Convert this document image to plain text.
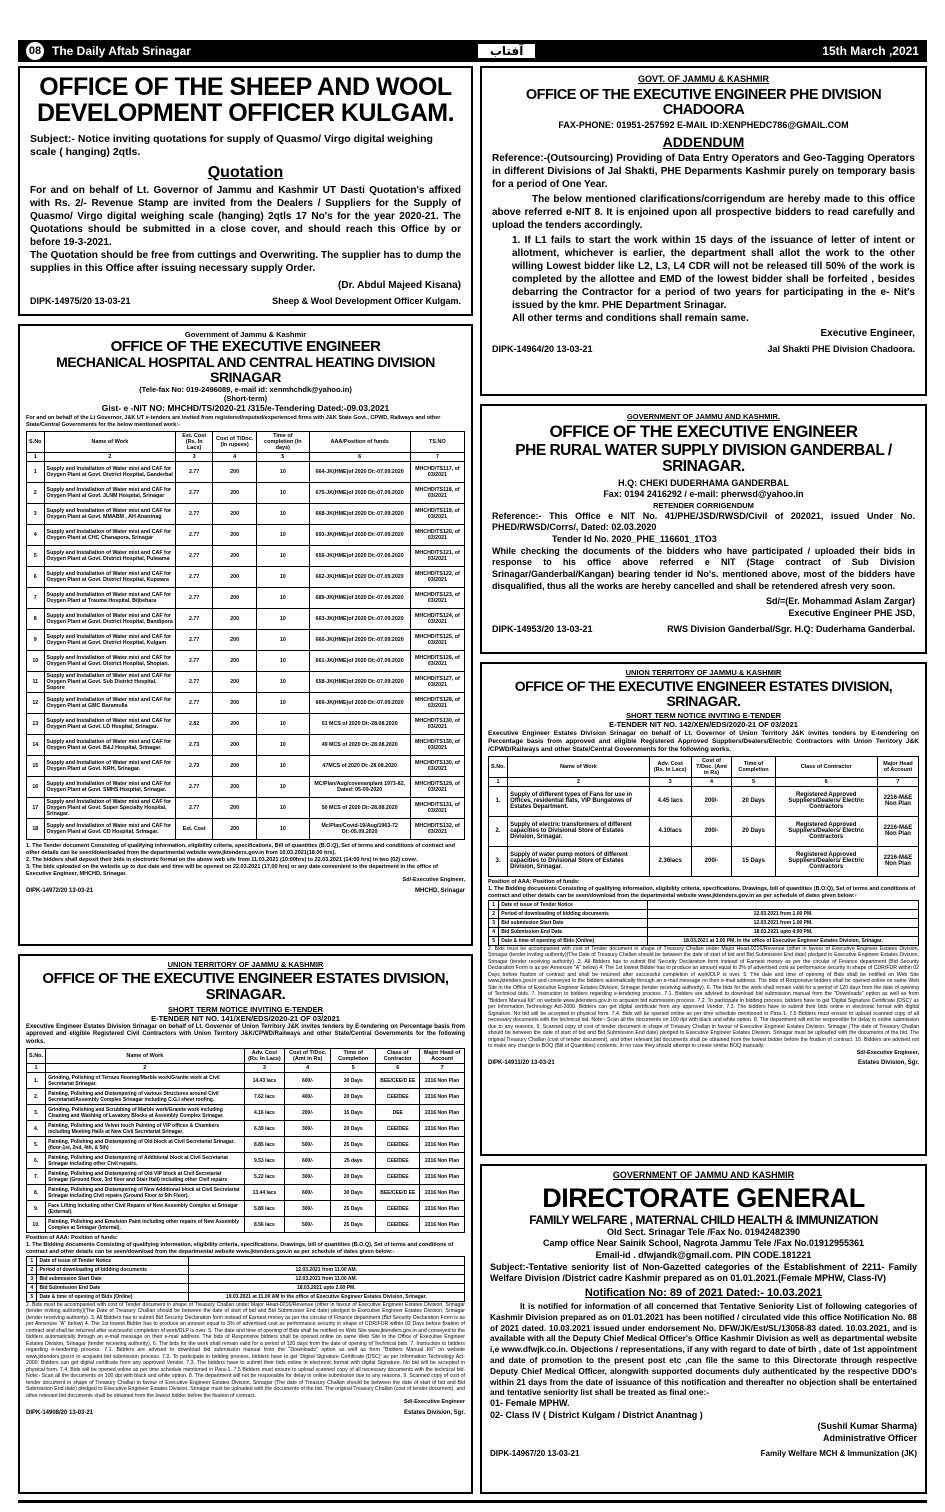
08 The Daily Aftab Srinagar	آفتاب	15th March ,2021
OFFICE OF THE SHEEP AND WOOL
DEVELOPMENT OFFICER KULGAM.
Subject:- Notice inviting quotations for supply of Quasmo/ Virgo digital weighing scale ( hanging) 2qtls.
Quotation
For and on behalf of Lt. Governor of Jammu and Kashmir UT Dasti Quotation's affixed with Rs. 2/- Revenue Stamp are invited from the Dealers / Suppliers for the Supply of Quasmo/ Virgo digital weighing scale (hanging) 2qtls 17 No's for the year 2020-21. The Quotations should be submitted in a close cover, and should reach this Office by or before 19-3-2021.
The Quotation should be free from cuttings and Overwriting. The supplier has to dump the supplies in this Office after issuing necessary supply Order.
(Dr. Abdul Majeed Kisana)
DIPK-14975/20 13-03-21	Sheep & Wool Development Officer Kulgam.
GOVT. OF JAMMU & KASHMIR
OFFICE OF THE EXECUTIVE ENGINEER PHE DIVISION CHADOORA
FAX-PHONE: 01951-257592 E-MAIL ID:XENPHEDC786@GMAIL.COM
ADDENDUM
Reference:-(Outsourcing) Providing of Data Entry Operators and Geo-Tagging Operators in different Divisions of Jal Shakti, PHE Deparments Kashmir purely on temporary basis for a period of One Year.
The below mentioned clarifications/corrigendum are hereby made to this office above referred e-NIT 8. It is enjoined upon all prospective bidders to read carefully and upload the tenders accordingly.
1. If L1 fails to start the work within 15 days of the issuance of letter of intent or allotment, whichever is earlier, the department shall allot the work to the other willing Lowest bidder like L2, L3, L4 CDR will not be released till 50% of the work is completed by the allottee and EMD of the lowest bidder shall be forfeited , besides debarring the Contractor for a period of two years for participating in the e- Nit's issued by the kmr. PHE Department Srinagar.
All other terms and conditions shall remain same.
Executive Engineer,
DIPK-14964/20 13-03-21	Jal Shakti PHE Division Chadoora.
Government of Jammu & Kashmir
OFFICE OF THE EXECUTIVE ENGINEER
MECHANICAL HOSPITAL AND CENTRAL HEATING DIVISION SRINAGAR
(Tele-fax No: 019-2496089, e-mail id: xenmhchdk@yahoo.in)
(Short-term)
Gist- e -NIT NO: MHCHD/TS/2020-21 /315/e-Tendering Dated:-09.03.2021
For and on behalf of the Lt Governor, J&K UT e-tenders are invited from registered/reputed/experienced firms with J&K State Govt., CPWD, Railways and other State/Central Governments for the below mentioned work:-
S.No	Name of Work	Est. Cost (Rs. In Lacs)	Cost of T/Doc. (In rupees)	Time of completion (In days)	AAA/Position of funds	TS.NO
1	2	3	4	5	6	7
1	Supply and Installation of Water mist and CAF for Oxygen Plant at Govt. District Hospital, Ganderbal	2.77	200	10	664-JK(HME)of 2020 Dt:-07.09.2020	MHCHD/TS117, of 03/2021
2	Supply and Installation of Water mist and CAF for Oxygen Plant at Govt. JLNM Hospital, Srinagar	2.77	200	10	675-JK(HME)of 2020 Dt:-07.09.2020	MHCHD/TS118, of 03/2021
3	Supply and Installation of Water mist and CAF for Oxygen Plant at Govt. MMABM , AH Anantnag	2.77	200	10	668-JK(HME)of 2020 Dt:-07.09.2020	MHCHD/TS119, of 03/2021
4	Supply and Installation of Water mist and CAF for Oxygen Plant at CHC Chanapora, Srinagar	2.77	200	10	693-JK(HME)of 2020 Dt:-07.09.2020	MHCHD/TS120, of 03/2021
5	Supply and Installation of Water mist and CAF for Oxygen Plant at Govt. District Hospital, Pulwama	2.77	200	10	659-JK(HME)of 2020 Dt:-07.09.2020	MHCHD/TS121, of 03/2021
6	Supply and Installation of Water mist and CAF for Oxygen Plant at Govt. District Hospital, Kupwara	2.77	200	10	662-JK(HME)of 2020 Dt:-07.09.2020	MHCHD/TS122, of 03/2021
7	Supply and Installation of Water mist and CAF for Oxygen Plant at Trauma Hospital, Bijbehara	2.77	200	10	689-JK(HME)of 2020 Dt:-07.09.2020	MHCHD/TS123, of 03/2021
8	Supply and Installation of Water mist and CAF for Oxygen Plant at Govt. District Hospital, Bandipora	2.77	200	10	663-JK(HME)of 2020 Dt:-07.09.2020	MHCHD/TS124, of 03/2021
9	Supply and Installation of Water mist and CAF for Oxygen Plant at Govt. District Hospital, Kulgam	2.77	200	10	660-JK(HME)of 2020 Dt:-07.09.2020	MHCHD/TS125, of 03/2021
10	Supply and Installation of Water mist and CAF for Oxygen Plant at Govt. District Hospital, Shopian.	2.77	200	10	661-JK(HME)of 2020 Dt:-07.09.2020	MHCHD/TS126, of 03/2021
11	Supply and Installation of Water mist and CAF for Oxygen Plant at Govt. Sub District Hospital, Sopore	2.77	200	10	658-JK(HME)of 2020 Dt:-07.09.2020	MHCHD/TS127, of 03/2021
12	Supply and Installation of Water mist and CAF for Oxygen Plant at GMC Baramulla	2.77	200	10	669-JK(HME)of 2020 Dt:-07.09.2020	MHCHD/TS128, of 03/2021
13	Supply and Installation of Water mist and CAF for Oxygen Plant at Govt. LD Hospital, Srinagar.	2.82	200	10	51 MCS of 2020 Dt:-28.08.2020	MHCHD/TS130, of 03/2021
14	Supply and Installation of Water mist and CAF for Oxygen Plant at Govt. B&J Hospital, Srinagar.	2.73	200	10	49 MCS of 2020 Dt:-28.08.2020	MHCHD/TS130, of 03/2021
15	Supply and Installation of Water mist and CAF for Oxygen Plant at Govt. KRH, Srinagar.	2.73	200	10	47MCS of 2020 Dt:-28.08.2020	MHCHD/TS130, of 03/2021
16	Supply and Installation of Water mist and CAF for Oxygen Plant at Govt. SMHS Hospital, Srinagar.	2.77	200	10	MC/Plan/Aug/covenanplant 1973-82, Dated: 05-09-2020	MHCHD/TS129, of 03/2021
17	Supply and Installation of Water mist and CAF for Oxygen Plant at Govt. Super Specialty Hospital, Srinagar.	2.77	200	10	50 MCS of 2020 Dt:-28.08.2020	MHCHD/TS131, of 03/2021
18	Supply and Installation of Water mist and CAF for Oxygen Plant at Govt. CD Hospital, Srinagar.	Est. Cost	200	10	Mc/Plan/Covid-19/Aug/1963-72 Dt:-05.09.2020	MHCHD/TS132, of 03/2021
1. The Tender document Consisting of qualifying information, eligibility criteria, specifications, Bill of quantities (B.O.Q), Set of terms and conditions of contract and other details can be seen/downloaded from the departmental website www.jktenders.gov.in from 10.03.2021(18.00 hrs).
2. The bidders shall deposit their bids in electronic format on the above web site from 11.03.2021 (10:00hrs) to 22.03.2021 (14:00 hrs) in two (02) cover.
3. The bids uploaded on the website up to due date and time will be opened on 22.03.2021 (17.00 hrs) or any date convenient to the department in the office of Executive Engineer, MHCHD, Srinagar.
Sd/-Executive Engineer,
DIPK-14972/20 13-03-21	MHCHD, Srinagar
GOVERNMENT OF JAMMU AND KASHMIR.
OFFICE OF THE EXECUTIVE ENGINEER
PHE RURAL WATER SUPPLY DIVISION GANDERBAL / SRINAGAR.
H.Q: CHEKI DUDERHAMA GANDERBAL
Fax: 0194 2416292 / e-mail: pherwsd@yahoo.in
RETENDER CORRIGENDUM
Reference:- This Office e NIT No. 41/PHE/JSD/RWSD/Civil of 202021, issued Under No. PHED/RWSD/Corrs/, Dated: 02.03.2020
Tender Id No. 2020_PHE_116601_1TO3
While checking the documents of the bidders who have participated / uploaded their bids in response to his office above referred e NIT (Stage contract of Sub Division Srinagar/Ganderbal/Kangan) bearing tender id No's. mentioned above, most of the bidders have disqualified, thus all the works are hereby cancelled and shall be retendered afresh very soon.
Sd/=(Er. Mohammad Aslam Zargar)
Executive Engineer PHE JSD,
DIPK-14953/20 13-03-21	RWS Division Ganderbal/Sgr. H.Q: Duderhama Ganderbal.
UNION TERRITORY OF JAMMU & KASHMIR
OFFICE OF THE EXECUTIVE ENGINEER ESTATES DIVISION, SRINAGAR.
SHORT TERM NOTICE INVITING E-TENDER
E-TENDER NIT NO. 142/XEN/EDS/2020-21 OF 03/2021
Executive Engineer Estates Division Srinagar on behalf of Lt. Governor of Union Territory J&K invites tenders by E-tendering on Percentage basis from approved and eligible Registered Approved Suppliers/Dealers/Electric Contractors with Union Territory J&K /CPWD/Railways and other State/Central Governments for the following works.
S.No.	Name of Work	Adv. Cost (Rs. In Lacs)	Cost of T/Doc. (Amt in Rs)	Time of Completion	Class of Contractor	Major Head of Account
1	2	3	4	5	6	7
1.	Supply of different types of Fans for use in Offices, residential flats, VIP Bungalows of Estates Department.	4.45 lacs	200/-	20 Days	Registered Approved Suppliers/Dealers/ Electric Contractors	2216-M&E Non Plan
2.	Supply of electric transformers of different capacities to Divisional Store of Estates Division, Srinagar.	4.10lacs	200/-	20 Days	Registered Approved Suppliers/Dealers/ Electric Contractors	2216-M&E Non Plan
3.	Supply of water pump motors of different capacities to Divisional Store of Estates Division, Srinagar.	2.36lacs	200/-	15 Days	Registered Approved Suppliers/Dealers/ Electric Contractors	2216-M&E Non Plan
Position of AAA: Position of funds:
1. The Bidding documents Consisting of qualifying information, eligibility criteria, specifications, Drawings, bill of quantities (B.O.Q), Set of terms and conditions of contract and other details can be seen/download from the departmental website www.jktenders.gov.in as per schedule of dates given below:-
1	Date of issue of Tender Notice	
2	Period of downloading of bidding documents	12.03.2021 from 1.00 PM.
3	Bid submission Start Date	12.03.2021 from 1.00 PM.
4	Bid Submission End Date	18.03.2021 upto 4.00 PM.
5	Date & time of opening of Bids (Online)	18.03.2021 at 3.05 PM. In the office of Executive Engineer Estates Division, Srinagar.
2. Bids must be accompanied with cost of Tender document in shape of Treasury Challan under Major Head-0216/Revenue (other in favour of Executive Engineer Estates Division, Srinagar (tender inviting authority)(The Date of Treasury Challan should be between the date of start of bid and Bid Submission End date) pledged to Executive Engineer Estates Division, Srinagar (tender receiving authority). 3. All Bidders has to submit Bid Security Declaration form instead of Earnest money as per the circular of Finance department (Bid Security Declaration Form is as per Annexure "A" below) 4. The 1st lowest Bidder has to produce an amount equal to 3% of advertised cost as performance security in shape of CDR/FDR within 02 Days before fixation of contract and shall be returned after successful completion of work/DLP is over. 5. The date and time of opening of Bids shall be notified on Web Site www.jktenders.gov.in and conveyed to the bidders automatically through an e-mail message on their e-mail address. The bids of Responsive bidders shall be opened online on same Web Site in the Office of Executive Engineer Estates Division, Srinagar (tender receiving authority). 6. The bids for the work shall remain valid for a period of 120 days from the date of opening of Technical bids. 7. Instruction to bidders regarding e-tendering process. 7.1. Bidders are advised to download bid submission manual from the "Downloads" option as well as from "Bidders Manual Kit" on website www.jktenders.gov.in to acquaint bid submission process. 7.2. To participate in bidding process, bidders have to get 'Digital Signature Certificate (DSC)' as per Information Technology Act-2000. Bidders can get digital certificate from any approved Vendor. 7.3. The bidders have to submit their bids online in electronic format with digital Signature. No bid will be accepted in physical form. 7.4. Bids will be opened online as per time schedule mentioned in Para-1. 7.5 Bidders must ensure to upload scanned copy of all necessary documents with the technical bid. Note:- Scan all the documents on 100 dpi with black and white option. 8. The department will not be responsible for delay in online submission due to any reasons. 9. Scanned copy of cost of tender document in shape of Treasury Challan in favour of Executive Engineer Estates Division, Srinagar (The date of Treasury Challan should be between the date of start of bid and Bid Submission End date) pledged to Executive Engineer Estates Division, Srinagar must be uploaded with the documents of the bid. The original Treasury Challan (cost of tender document), and other relevant bid documents shall be obtained from the lowest bidder before the fixation of contract. 10. Bidders are advised not to make any change in BOQ (Bill of Quantities) contents. In no case they should attempt to create similar BOQ manually.
Sd/-Executive Engineer,
DIPK-14911/20 13-03-21	Estates Division, Sgr.
UNION TERRITORY OF JAMMU & KASHMIR
OFFICE OF THE EXECUTIVE ENGINEER ESTATES DIVISION, SRINAGAR.
SHORT TERM NOTICE INVITING E-TENDER
E-TENDER NIT NO. 141/XEN/EDS/2020-21 OF 03/2021
Executive Engineer Estates Division Srinagar on behalf of Lt. Governor of Union Territory J&K invites tenders by E-tendering on Percentage basis from approved and eligible Registered Civil Contractors with Union Territory J&K/CPWD/Railways and other State/Central Governments for the following works.
S.No.	Name of Work	Adv. Cost (Rs. In Lacs)	Cost of T/Doc. (Amt in Rs)	Time of Completion	Class of Contractor	Major Head of Account
1	2	3	4	5	6	7
1.	Grinding, Polishing of Terrazo flooring/Marble work/Granite work at Civil Secretariat Srinagar.	14.43 lacs	600/-	30 Days	BEE/CEE/D EE	2216 Non Plan
2.	Painting, Polishing and Distempering of various Structures around Civil Secretariat/Assembly Complex Srinagar including C.G.I sheet roofing.	7.62 lacs	400/-	20 Days	CEE/DEE	2216 Non Plan
3.	Grinding, Polishing and Scrubbing of Marble work/Granite work including Cleaning and Washing of Lavatory Blocks at Assembly Complex Srinagar.	4.16 lacs	200/-	15 Days	DEE	2216 Non Plan
4.	Painting, Polishing and Velvet touch Painting of VIP offices & Chambers including Meeting Halls at New Civil Secretariat Srinagar.	6.39 lacs	300/-	20 Days	CEE/DEE	2216 Non Plan
5.	Painting, Polishing and Distempering of Old block at Civil Secretariat Srinagar. (floor-1st, 2nd, 4th, & 5th)	8.85 lacs	500/-	25 Days	CEE/DEE	2216 Non Plan
6.	Painting, Polishing and Distempering of Additional block at Civil Secretariat Srinagar including other Civil repairs.	9.53 lacs	600/-	25 days	CEE/DEE	2216 Non Plan
7.	Painting, Polishing and Distempering of Old VIP block at Civil Secretariat Srinagar (Ground floor, 3rd floor and Stair Hall) including other Civil repairs	5.22 lacs	300/-	20 Days	CEE/DEE	2216 Non Plan
8.	Painting, Polishing and Distempering of New Additional block at Civil Secretariat Srinagar including Civil repairs (Ground Floor to 6th Floor).	13.44 lacs	600/-	30 Days	BEE/CEE/D EE	2216 Non Plan
9.	Face Lifting including other Civil Repairs of New Assembly Complex at Srinagar (External).	5.89 lacs	300/-	25 Days	CEE/DEE	2216 Non Plan
10.	Painting, Polishing and Emulsion Paint including other repairs of New Assembly Complex at Srinagar (Internal).	8.56 lacs	500/-	25 Days	CEE/DEE	2216 Non Plan
Position of AAA: Position of funds:
1. The Bidding documents Consisting of qualifying information, eligibility criteria, specifications, Drawings, bill of quantities (B.O.Q), Set of terms and conditions of contract and other details can be seen/download from the departmental website www.jktenders.gov.in as per schedule of dates given below:-
1	Date of issue of Tender Notice	
2	Period of downloading of bidding documents	12.03.2021 from 11.00 AM.
3	Bid submission Start Date	12.03.2021 from 11.00 AM.
4	Bid Submission End Date	18.03.2021 upto 2.00 PM.
5	Date & time of opening of Bids (Online)	19.03.2021 at 11.00 AM In the office of Executive Engineer Estates Division, Srinagar.
2. Bids must be accompanied with cost of Tender document in shape of Treasury Challan under Major Head-0216/Revenue (other in favour of Executive Engineer Estates Division, Srinagar (tender inviting authority)(The Date of Treasury Challan should be between the date of start of bid and Bid Submission End date) pledged to Executive Engineer Estates Division, Srinagar (tender receiving authority). 3. All Bidders has to submit Bid Security Declaration form instead of Earnest money as per the circular of Finance department (Bid Security Declaration Form is as per Annexure "A" below) 4. The 1st lowest Bidder has to produce an amount equal to 3% of advertised cost as performance security in shape of CDR/FDR within 02 Days before fixation of contract and shall be returned after successful completion of work/DLP is over. 5. The date and time of opening of Bids shall be notified on Web Site www.jktenders.gov.in and conveyed to the bidders automatically through an e-mail message on their e-mail address. The bids of Responsive bidders shall be opened online on same Web Site in the Office of Executive Engineer Estates Division, Srinagar (tender receiving authority). 6. The bids for the work shall remain valid for a period of 120 days from the date of opening of Technical bids. 7. Instruction to bidders regarding e-tendering process. 7.1. Bidders are advised to download bid submission manual from the "Downloads" option as well as from "Bidders Manual Kit" on website www.jktenders.gov.in to acquaint bid submission process. 7.2. To participate in bidding process, bidders have to get 'Digital Signature Certificate (DSC)' as per Information Technology Act-2000. Bidders can get digital certificate from any approved Vendor. 7.3. The bidders have to submit their bids online in electronic format with digital Signature. No bid will be accepted in physical form. 7.4. Bids will be opened online as per time schedule mentioned in Para-1. 7.5 Bidders must ensure to upload scanned copy of all necessary documents with the technical bid. Note:- Scan all the documents on 100 dpi with black and white option. 8. The department will not be responsible for delay in online submission due to any reasons. 9. Scanned copy of cost of tender document in shape of Treasury Challan in favour of Executive Engineer Estates Division, Srinagar (The date of Treasury Challan should be between the date of start of bid and Bid Submission End date) pledged to Executive Engineer Estates Division, Srinagar must be uploaded with the documents of the bid. The original Treasury Challan (cost of tender document), and other relevant bid documents shall be obtained from the lowest bidder before the fixation of contract.
Sd/-Executive Engineer
DIPK-14908/20 13-03-21	Estates Division, Sgr.
GOVERNMENT OF JAMMU AND KASHMIR
DIRECTORATE GENERAL
FAMILY WELFARE , MATERNAL CHILD HEALTH & IMMUNIZATION
Old Sect. Srinagar Tele /Fax No. 01942482390
Camp office Near Sainik School, Nagrota Jammu Tele /Fax No.01912955361
Email-id . dfwjandk@gmail.com. PIN CODE.181221
Subject:-Tentative seniority list of Non-Gazetted categories of the Establishment of 2211- Family Welfare Division /District cadre Kashmir prepared as on 01.01.2021.(Female MPHW, Class-IV)
Notification No: 89 of 2021 Dated:- 10.03.2021
It is notified for information of all concerned that Tentative Seniority List of following categories of Kashmir Division prepared as on 01.01.2021 has been notified / circulated vide this office Notification No. 88 of 2021 dated. 10.03.2021 issued under endorsement No. DFW/JK/Est/SL/13058-83 dated. 10.03.2021, and is available with all the Deputy Chief Medical Officer's Office Kashmir Division as well as departmental website i,e www.dfwjk.co.in. Objections / representations, if any with regard to date of birth , date of 1st appointment and date of promotion to the present post etc ,can file the same to this Directorate through respective Deputy Chief Medical Officer, alongwith supported documents duly authenticated by the respective DDO's within 21 days from the date of issuance of this notification and thereafter no objection shall be entertained and tentative seniority list shall be treated as final one:-
01- Female MPHW.
02- Class IV ( District Kulgam / District Anantnag )
(Sushil Kumar Sharma)
Administrative Officer
DIPK-14967/20 13-03-21	Family Welfare MCH & Immunization (JK)
